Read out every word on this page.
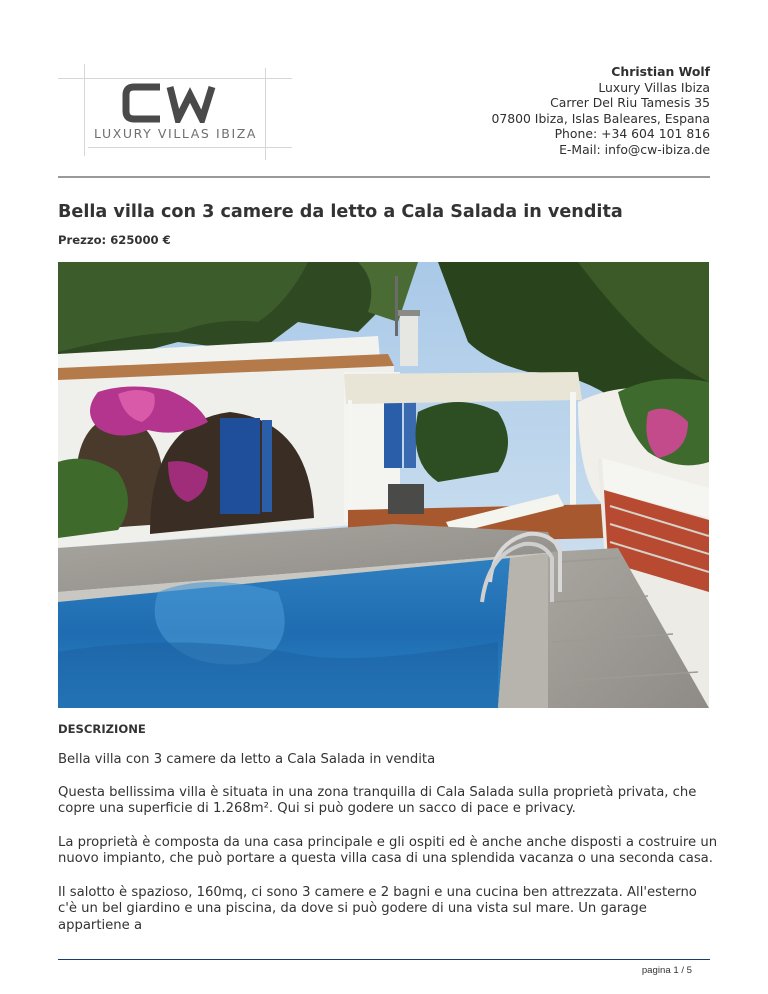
LUXURY VILLAS IBIZA
Christian Wolf
Luxury Villas Ibiza
Carrer Del Riu Tamesis 35
07800 Ibiza, Islas Baleares, Espana
Phone: +34 604 101 816
E-Mail: info@cw-ibiza.de
Bella villa con 3 camere da letto a Cala Salada in vendita
Prezzo: 625000 €
DESCRIZIONE

Bella villa con 3 camere da letto a Cala Salada in vendita

Questa bellissima villa è situata in una zona tranquilla di Cala Salada sulla proprietà privata, che copre una superficie di 1.268m². Qui si può godere un sacco di pace e privacy.

La proprietà è composta da una casa principale e gli ospiti ed è anche anche disposti a costruire un nuovo impianto, che può portare a questa villa casa di una splendida vacanza o una seconda casa.

Il salotto è spazioso, 160mq, ci sono 3 camere e 2 bagni e una cucina ben attrezzata. All'esterno c'è un bel giardino e una piscina, da dove si può godere di una vista sul mare. Un garage appartiene a

pagina 1 / 5
